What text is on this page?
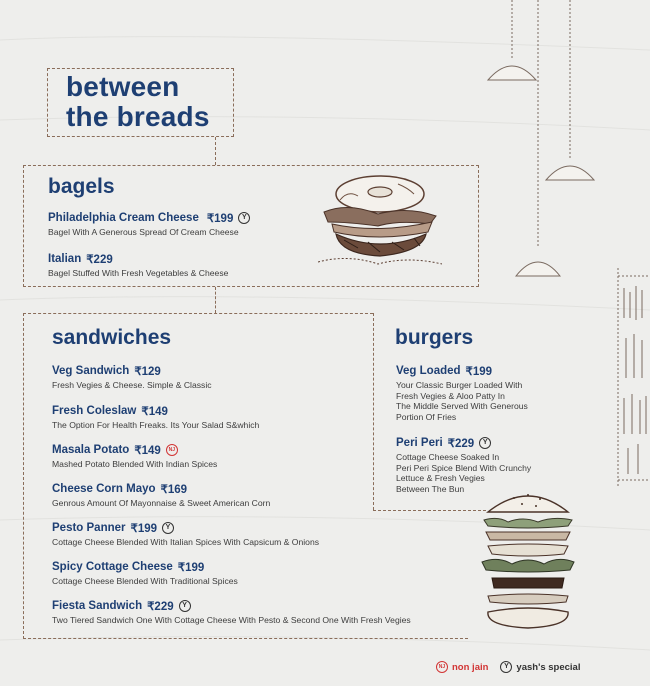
between
the breads
bagels
Philadelphia Cream Cheese ₹199	Y
Bagel With A Generous Spread Of Cream Cheese
Italian ₹229
Bagel Stuffed With Fresh Vegetables & Cheese
sandwiches
Veg Sandwich ₹129
Fresh Vegies & Cheese. Simple & Classic
Fresh Coleslaw ₹149
The Option For Health Freaks. Its Your Salad S&which
Masala Potato ₹149	NJ
Mashed Potato Blended With Indian Spices
Cheese Corn Mayo ₹169
Genrous Amount Of Mayonnaise & Sweet American Corn
Pesto Panner ₹199	Y
Cottage Cheese Blended With Italian Spices With Capsicum & Onions
Spicy Cottage Cheese ₹199
Cottage Cheese Blended With Traditional Spices
Fiesta Sandwich ₹229	Y
Two Tiered Sandwich One With Cottage Cheese With Pesto & Second One With Fresh Vegies
burgers
Veg Loaded ₹199
Your Classic Burger Loaded With
Fresh Vegies & Aloo Patty In
The Middle Served With Generous
Portion Of Fries
Peri Peri ₹229	Y
Cottage Cheese Soaked In
Peri Peri Spice Blend With Crunchy
Lettuce & Fresh Vegies
Between The Bun
NJ non jain	Y yash's special
